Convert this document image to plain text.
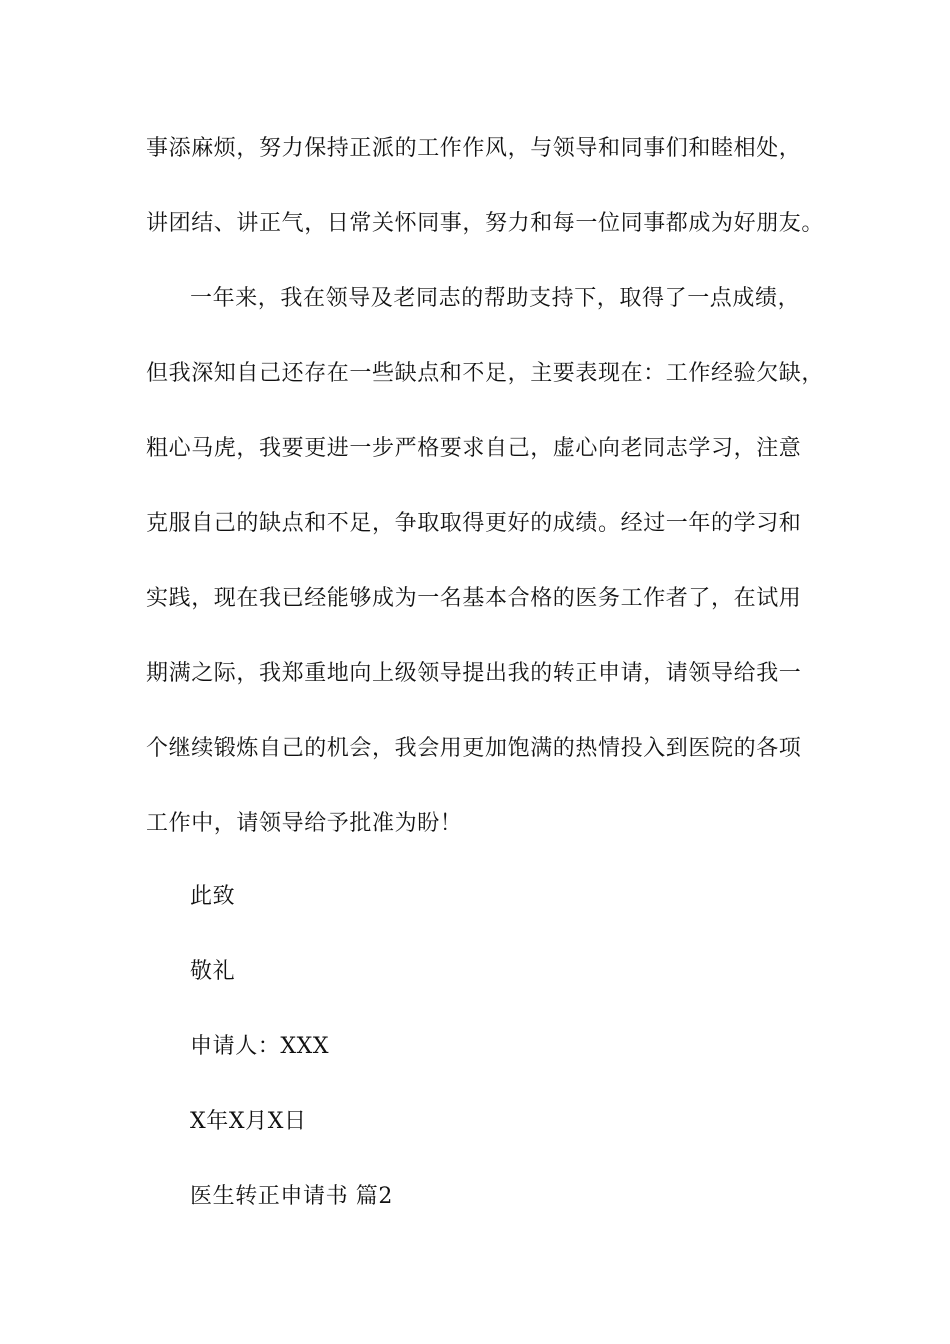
事添麻烦，努力保持正派的工作作风，与领导和同事们和睦相处，
讲团结、讲正气，日常关怀同事，努力和每一位同事都成为好朋友。
一年来，我在领导及老同志的帮助支持下，取得了一点成绩，
但我深知自己还存在一些缺点和不足，主要表现在：工作经验欠缺，
粗心马虎，我要更进一步严格要求自己，虚心向老同志学习，注意
克服自己的缺点和不足，争取取得更好的成绩。经过一年的学习和
实践，现在我已经能够成为一名基本合格的医务工作者了，在试用
期满之际，我郑重地向上级领导提出我的转正申请，请领导给我一
个继续锻炼自己的机会，我会用更加饱满的热情投入到医院的各项
工作中，请领导给予批准为盼！
此致
敬礼
申请人：XXX
X年X月X日
医生转正申请书 篇2
